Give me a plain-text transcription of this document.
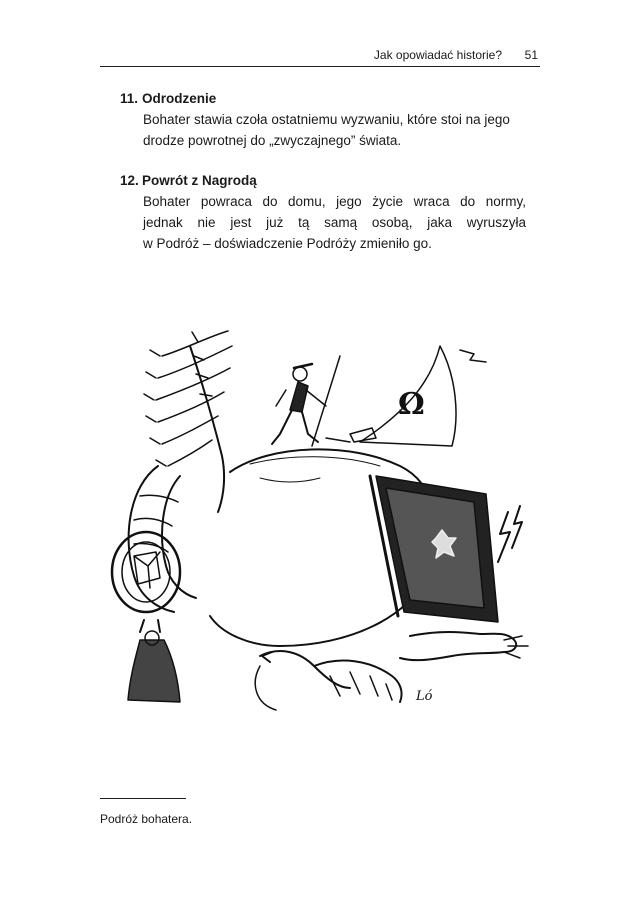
Jak opowiadać historie? 51
11. Odrodzenie
Bohater stawia czoła ostatniemu wyzwaniu, które stoi na jego
drodze powrotnej do „zwyczajnego” świata.
12. Powrót z Nagrodą
Bohater powraca do domu, jego życie wraca do normy,
jednak nie jest już tą samą osobą, jaka wyruszyła
w Podróż – doświadczenie Podróży zmieniło go.
Ω
Ló
Podróż bohatera.
